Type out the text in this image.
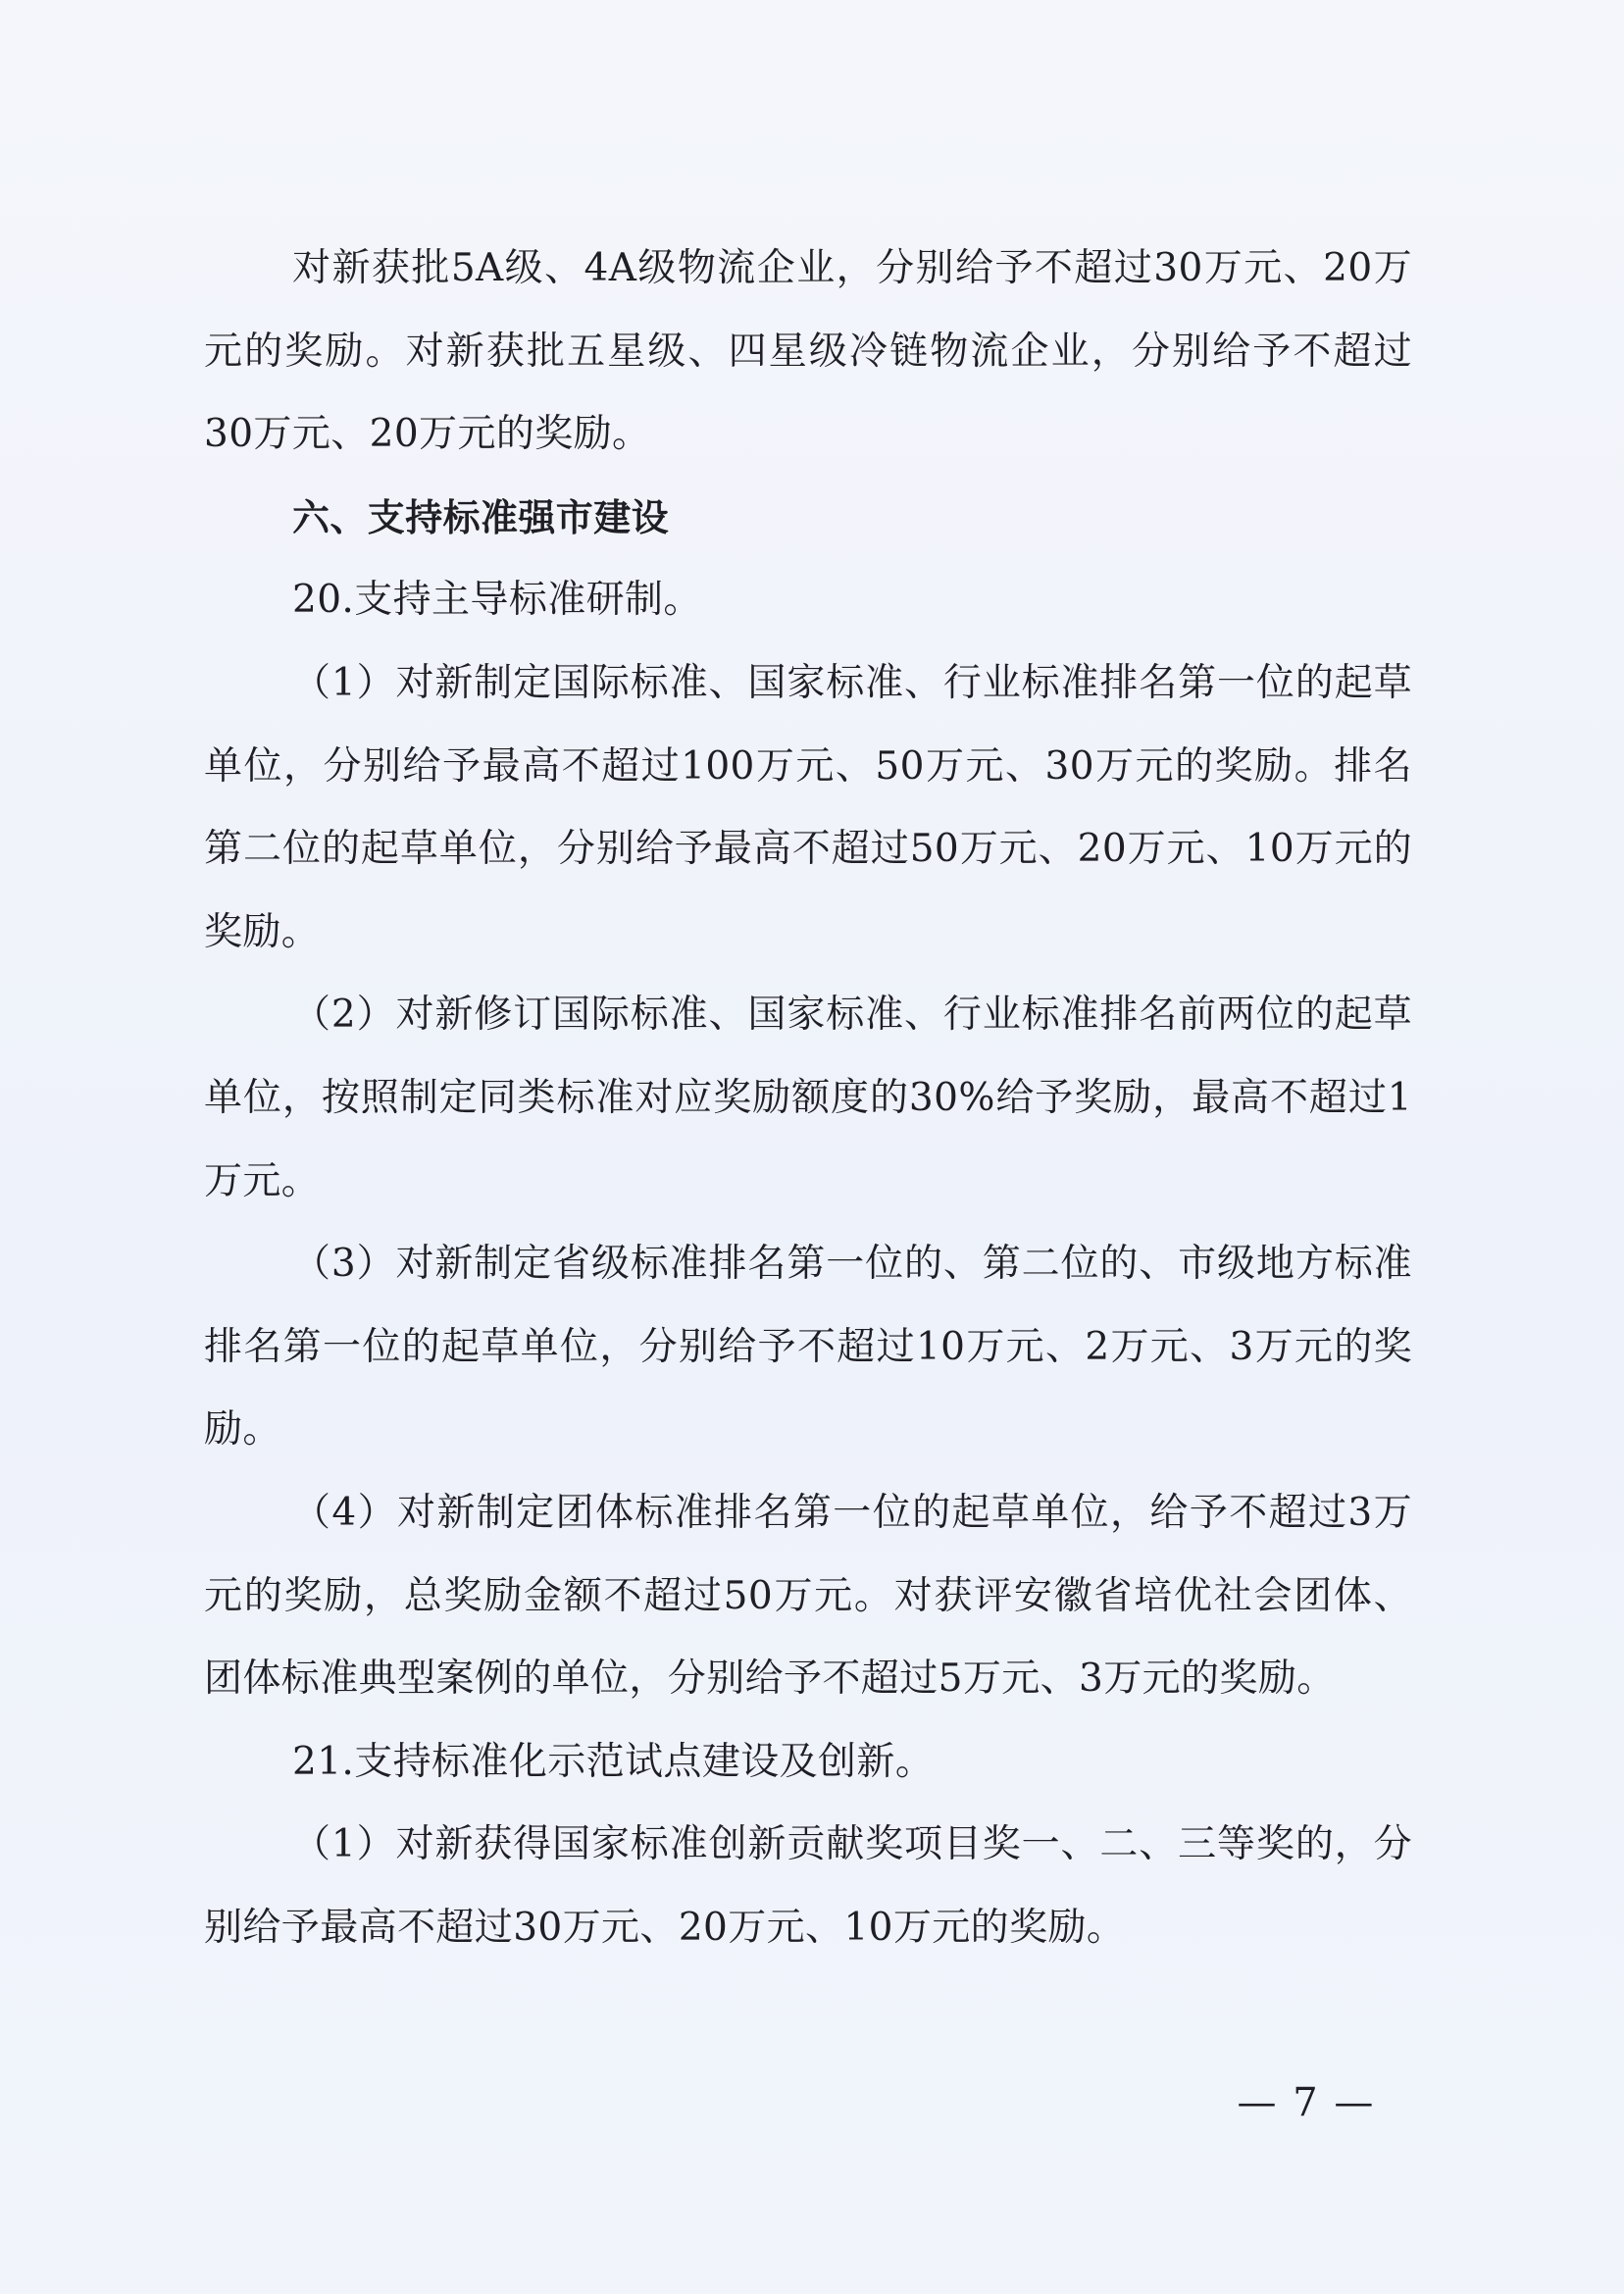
对新获批5A级、4A级物流企业，分别给予不超过30万元、20万元的奖励。对新获批五星级、四星级冷链物流企业，分别给予不超过30万元、20万元的奖励。

六、支持标准强市建设

20.支持主导标准研制。

（1）对新制定国际标准、国家标准、行业标准排名第一位的起草单位，分别给予最高不超过100万元、50万元、30万元的奖励。排名第二位的起草单位，分别给予最高不超过50万元、20万元、10万元的奖励。

（2）对新修订国际标准、国家标准、行业标准排名前两位的起草单位，按照制定同类标准对应奖励额度的30%给予奖励，最高不超过1万元。

（3）对新制定省级标准排名第一位的、第二位的、市级地方标准排名第一位的起草单位，分别给予不超过10万元、2万元、3万元的奖励。

（4）对新制定团体标准排名第一位的起草单位，给予不超过3万元的奖励，总奖励金额不超过50万元。对获评安徽省培优社会团体、团体标准典型案例的单位，分别给予不超过5万元、3万元的奖励。

21.支持标准化示范试点建设及创新。

（1）对新获得国家标准创新贡献奖项目奖一、二、三等奖的，分别给予最高不超过30万元、20万元、10万元的奖励。

— 7 —
